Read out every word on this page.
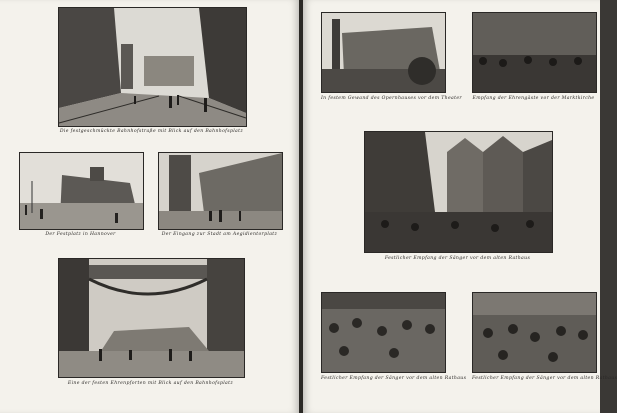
Die festgeschmückte Bahnhofstraße mit Blick auf den Bahnhofsplatz
Der Festplatz in Hannover	Der Eingang zur Stadt am Aegidientorplatz
Eine der festen Ehrenpforten mit Blick auf den Bahnhofsplatz
In festem Gewand des Opernhauses vor dem Theater Empfang der Ehrengäste vor der Marktkirche
Festlicher Empfang der Sänger vor dem alten Rathaus
Festlicher Empfang der Sänger vor dem alten Rathaus Festlicher Empfang der Sänger vor dem alten Rathaus
